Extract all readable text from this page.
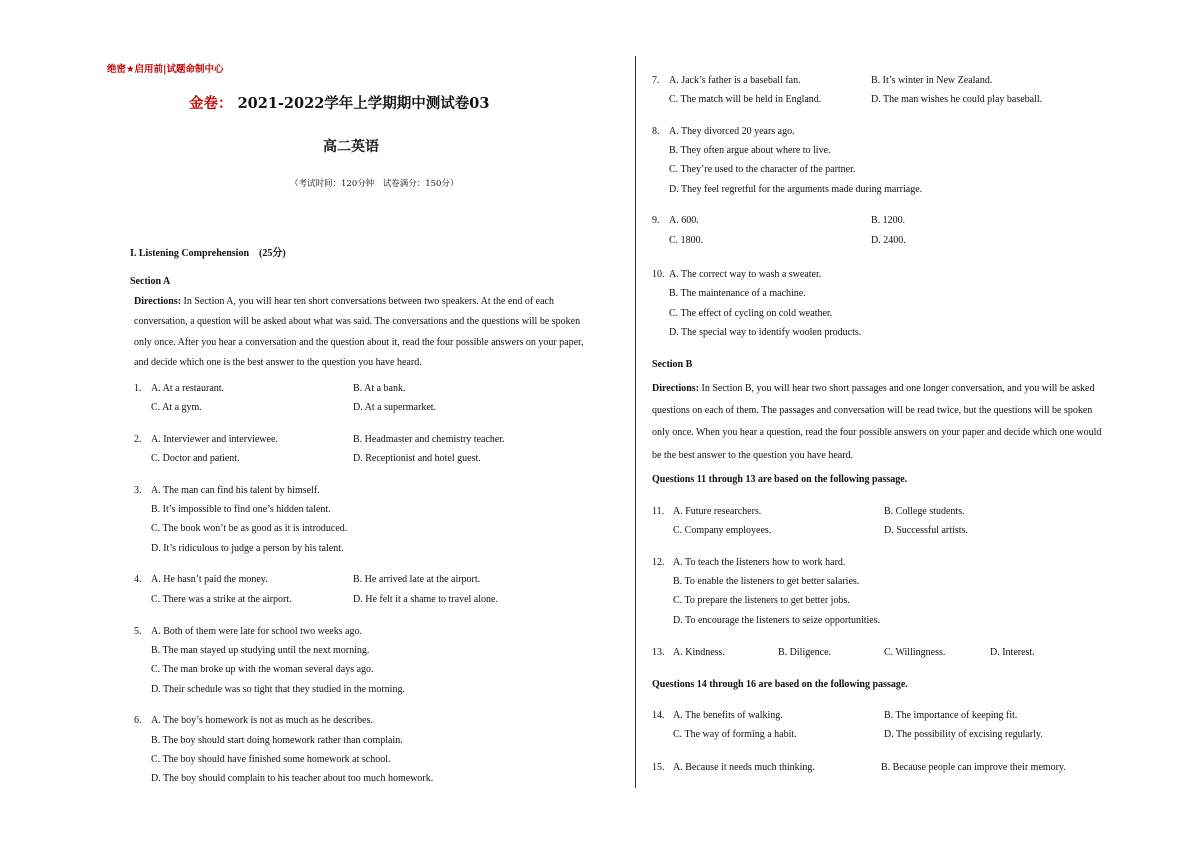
绝密★启用前|试题命制中心
金卷： 2021-2022学年上学期期中测试卷03
高二英语
（考试时间：120分钟　试卷满分：150分）
I. Listening Comprehension　(25分)
Section A
Directions: In Section A, you will hear ten short conversations between two speakers. At the end of each
conversation, a question will be asked about what was said. The conversations and the questions will be spoken
only once. After you hear a conversation and the question about it, read the four possible answers on your paper,
and decide which one is the best answer to the question you have heard.
1. A. At a restaurant.	B. At a bank.
C. At a gym.	D. At a supermarket.
2. A. Interviewer and interviewee.	B. Headmaster and chemistry teacher.
C. Doctor and patient.	D. Receptionist and hotel guest.
3. A. The man can find his talent by himself.
B. It’s impossible to find one’s hidden talent.
C. The book won’t be as good as it is introduced.
D. It’s ridiculous to judge a person by his talent.
4. A. He hasn’t paid the money.	B. He arrived late at the airport.
C. There was a strike at the airport.	D. He felt it a shame to travel alone.
5. A. Both of them were late for school two weeks ago.
B. The man stayed up studying until the next morning.
C. The man broke up with the woman several days ago.
D. Their schedule was so tight that they studied in the morning.
6. A. The boy’s homework is not as much as he describes.
B. The boy should start doing homework rather than complain.
C. The boy should have finished some homework at school.
D. The boy should complain to his teacher about too much homework.
7. A. Jack’s father is a baseball fan.	B. It’s winter in New Zealand.
C. The match will be held in England.	D. The man wishes he could play baseball.
8. A. They divorced 20 years ago.
B. They often argue about where to live.
C. They’re used to the character of the partner.
D. They feel regretful for the arguments made during marriage.
9. A. 600.	B. 1200.
C. 1800.	D. 2400.
10. A. The correct way to wash a sweater.
B. The maintenance of a machine.
C. The effect of cycling on cold weather.
D. The special way to identify woolen products.
Section B
Directions: In Section B, you will hear two short passages and one longer conversation, and you will be asked
questions on each of them. The passages and conversation will be read twice, but the questions will be spoken
only once. When you hear a question, read the four possible answers on your paper and decide which one would
be the best answer to the question you have heard.
Questions 11 through 13 are based on the following passage.
11. A. Future researchers.	B. College students.
C. Company employees.	D. Successful artists.
12. A. To teach the listeners how to work hard.
B. To enable the listeners to get better salaries.
C. To prepare the listeners to get better jobs.
D. To encourage the listeners to seize opportunities.
13. A. Kindness.	B. Diligence.	C. Willingness.	D. Interest.
Questions 14 through 16 are based on the following passage.
14. A. The benefits of walking.	B. The importance of keeping fit.
C. The way of forming a habit.	D. The possibility of excising regularly.
15. A. Because it needs much thinking.	B. Because people can improve their memory.
